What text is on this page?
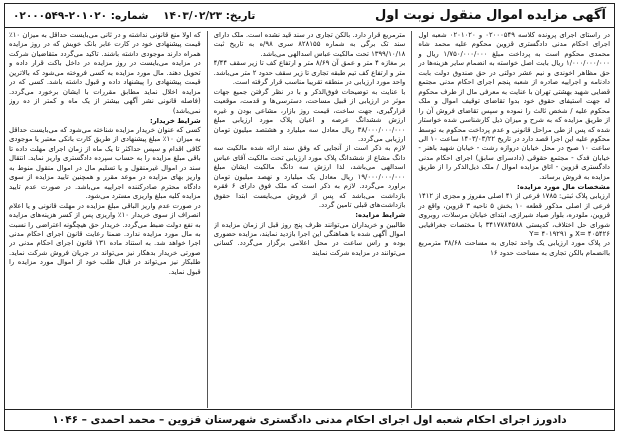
آگهی مزایده اموال منقول نوبت اول
تاریخ: ۱۴۰۳/۰۲/۲۳    شماره: ۲۰۱۰۲۰-۰۲۰۰۰۵۴۹

در راستای اجرای پرونده کلاسه ۰۲۰۰۰۵۴۹ و ۰۲۰۱۰۲۰ شعبه اول اجرای احکام مدنی دادگستری قزوین محکوم علیه محمد شاه محمدی محکوم است به پرداخت مبلغ ۱/۷۵۰/۰۰۰/۰۰۰ ریال و ۱/۰۰۰/۰۰۰/۰۰۰ ریال بابت اصل خواسته به انضمام سایر هزینه‌ها در حق مظاهر اخوندی و نیم عشر دولتی در حق صندوق دولت بابت دادنامه و اجراییه صادره از شعبه پنجم اجرای احکام مدنی مجتمع قضایی شهید بهشتی تهران با عنایت به معرفی مال از طرف محکوم له جهت استیفای حقوق خود بدوا تقاضای توقیف اموال و ملک محکوم علیه / شخص ثالث را نموده و سپس تقاضای فروش آن را از طریق مزایده که به شرح و میزان ذیل کارشناسی شده خواستار شده که پس از طی مراحل قانونی و عدم پرداخت محکوم به توسط محکوم علیه این اجرا قصد دارد در تاریخ ۱۴۰۳/۰۳/۲۲ ساعت ۱۰ الی ساعت ۱۰ صبح در محل خیابان دروازه رشت - خیابان شهید باهنر - خیابان فدک - مجتمع حقوقی (دادسرای سابق) اجرای احکام مدنی دادگستری قزوین - اتاق مزایده اموال / ملک ذیل‌الذکر را از طریق مزایده به فروش برساند.

مشخصات مال مورد مزایده:

ارزیابی پلاک ثبتی: ۱۷۸۵ فرعی از ۴۱ اصلی مفروز و مجزی از ۱۴۱۲ فرعی از اصلی مذکور قطعه ۱۰ بخش ۵ ناحیه ۳ قزوین، واقع در قزوین، ملودره، بلوار صیاد شیرازی، ابتدای خیابان مرسلات، روبروی شورای حل اختلاف، کدپستی ۳۴۱۷۷۸۴۵۸۸ با مختصات جغرافیایی X= ۴۰۵۴۲۶ و Y= ۴۰۱۹۲۹۱

در پلاک مورد ارزیابی یک واحد تجاری به مساحت ۳۸/۶۸ مترمربع باانضمام بالکن تجاری به مساحت حدود ۱۶

مترمربع قرار دارد. بالکن تجاری در سند قید نشده است. ملک دارای سند تک برگی به شماره ۸۲۸۱۵۵ سری ۹۸/ه به تاریخ ثبت ۱۳۹۹/۱۰/۱۸ تحت مالکیت عباس اسدالهی می‌باشد.

بر مغازه ۴ متر و عمق آن ۸/۶۹ متر و ارتفاع کف تا زیر سقف ۴/۴۴ متر و ارتفاع کف تیم طبقه تجاری تا زیر سقف حدود ۲ متر می‌باشد. واحد مورد ارزیابی در منطقه تقریبا مناسب قرار گرفته است.

با عنایت به توضیحات فوق‌الذکر و با در نظر گرفتن جمیع جهات موثر در ارزیابی از قبیل مساحت، دسترسی‌ها و قدمت، موقعیت قرارگیری، جهت ساخت، قیمت روز بازار، مشاعی بودن و غیره ارزش ششدانگ عرصه و اعیان پلاک مورد ارزیابی مبلغ ۳۸/۰۰۰/۰۰۰/۰۰۰ ریال معادل سه میلیارد و هشتصد میلیون تومان ارزیابی می‌گردد.

لازم به ذکر است از آنجایی که وفق سند ارائه شده مالکیت سه دانگ مشاع از ششدانگ پلاک مورد ارزیابی تحت مالکیت آقای عباس اسدالهی می‌باشد، لذا ارزش سه دانگ مالکیت ایشان مبلغ ۱۹/۰۰۰/۰۰۰/۰۰۰ ریال معادل یک میلیارد و نهصد میلیون تومان براورد می‌گردد. لازم به ذکر است که ملک فوق دارای ۶ فقره بازداشت می‌باشد که پس از فروش می‌بایست ابتدا حقوق بازداشت‌های قبلی تامین گردد.

شرایط مزایده:

طالبین و خریداران می‌توانند ظرف پنج روز قبل از زمان مزایده از اموال آگهی شده با هماهنگی این اجرا بازدید نمایند، مزایده حضوری بوده و راس ساعت در محل اعلامی برگزار می‌گردد. کسانی می‌توانند در مزایده شرکت نمایند

که اولا منع قانونی نداشته و در ثانی می‌بایست حداقل به میزان ۱۰٪ قیمت پیشنهادی خود در کارت عابر بانک خویش که در روز مزایده همراه دارند موجودی داشته باشند. تاکید می‌گردد متقاضیان شرکت در مزایده می‌بایست در روز مزایده در داخل باکت قرار داده و تحویل دهند. مال مورد مزایده به کسی فروخته می‌شود که بالاترین قیمت پیشنهادی را پیشنهاد داده و قبول داشته باشد. کسی که در مزایده اخلال نماید مطابق مقررات با ایشان برخورد می‌گردد. (فاصله قانونی نشر آگهی بیشتر از یک ماه و کمتر از ده روز نمی‌باشد)

شرایط خریدار:

کسی که عنوان خریدار مزایده شناخته می‌شود که می‌بایست حداقل به میزان ۱۰٪ مبلغ پیشنهادی از طریق کارت بانکی معتبر یا موجودی کافی اقدام و سپس حداکثر تا یک ماه از زمان اجرای مهلت داده تا باقی مبلغ مزایده را به حساب سپرده دادگستری واریز نماید. انتقال سند در اموال غیرمنقول و یا تسلیم مال در اموال منقول منوط به واریز بهای مزایده در موعد مقرر و همچنین تایید مزایده از سوی دادگاه محترم صادرکننده اجراییه می‌باشد. در صورت عدم تایید مزایده کلیه مبلغ واریزی مسترد می‌شود.

در صورت عدم واریز الباقی مبلغ مزایده در مهلت قانونی و یا اعلام انصراف از سوی خریدار ۱۰٪ واریزی پس از کسر هزینه‌های مزایده به نفع دولت ضبط می‌گردد. خریدار حق هیچگونه اعتراضی را نسبت به مال مورد مزایده ندارد. ضمنا رعایت قانون اجرای احکام مدنی اجرا خواهد شد. به استناد ماده ۱۳۱ قانون اجرای احکام مدنی در صورتی خریدار بدهکار نیز می‌تواند در جریان فروش شرکت نماید. طلبکار نیز می‌تواند در قبال طلب خود از اموال مورد مزایده را قبول نماید.

دادورز اجرای احکام شعبه اول اجرای احکام مدنی دادگستری شهرستان قزوین – محمد احمدی – ۱۰۴۶
